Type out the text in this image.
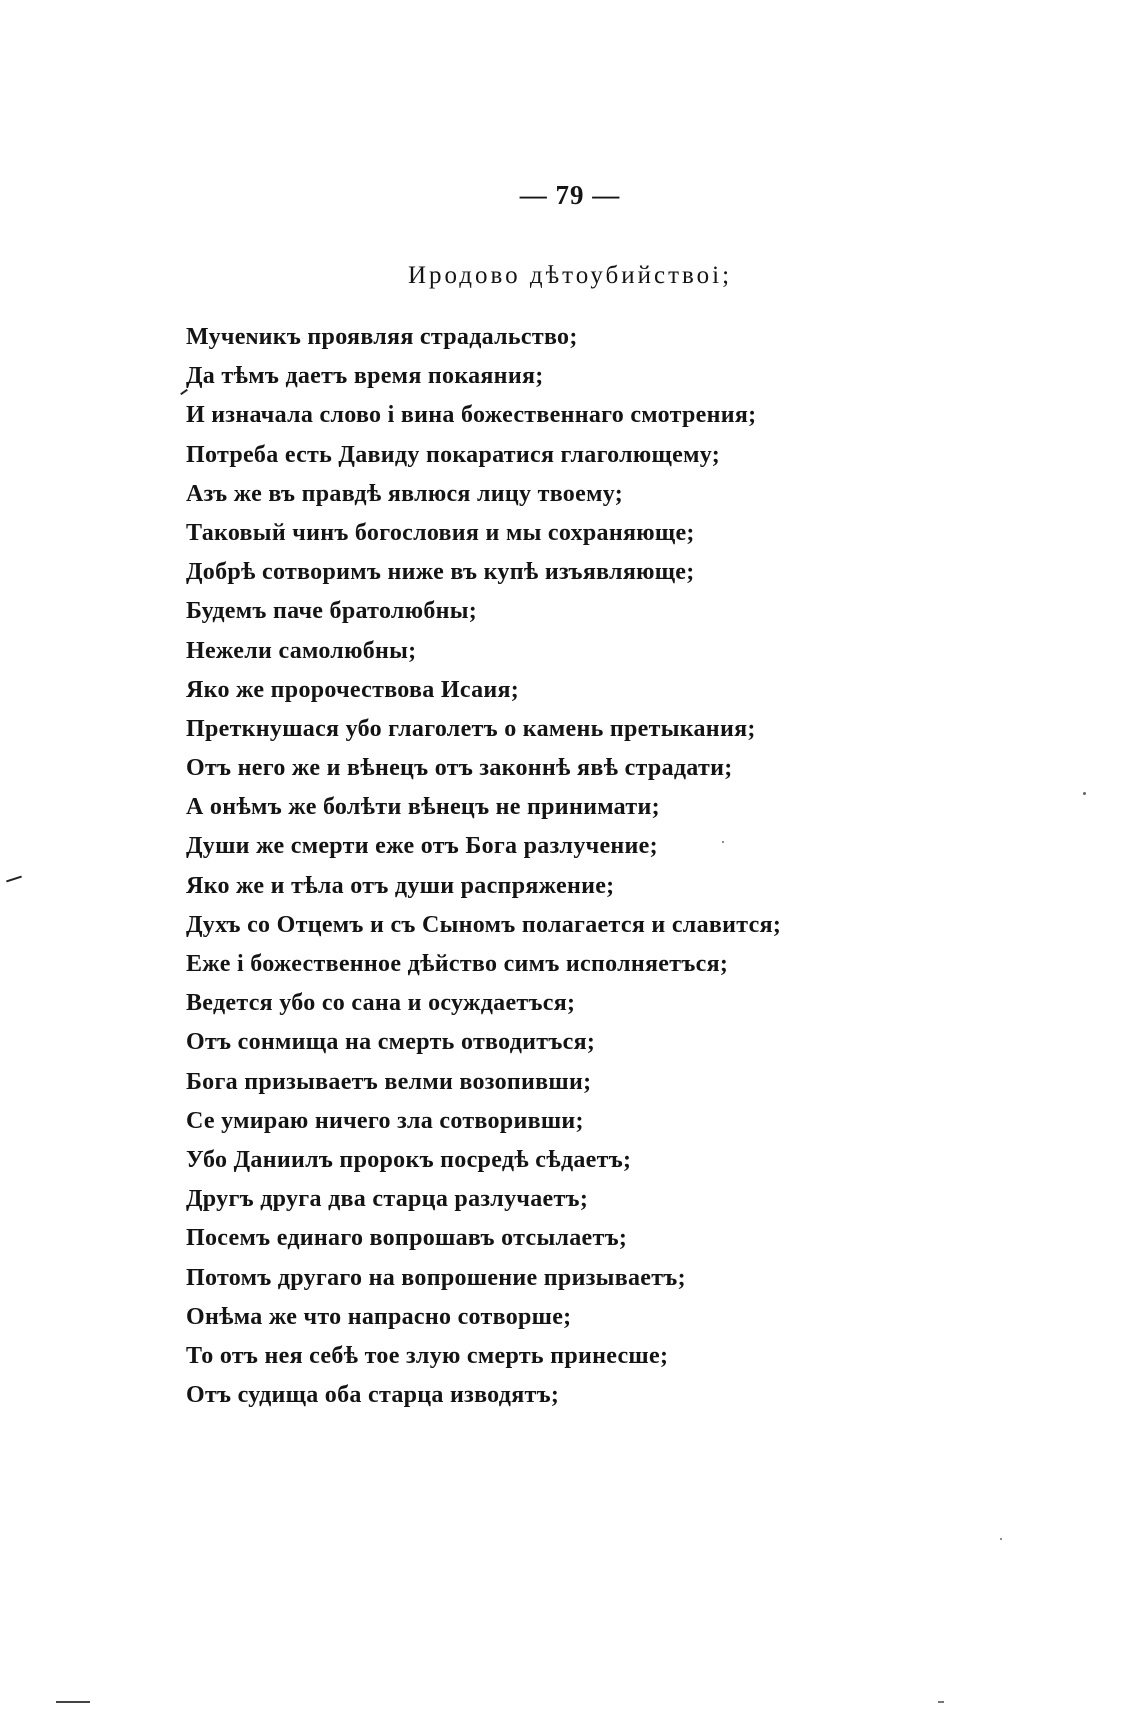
— 79 —
Иродово дѣтоубийствоі;
Мучеɴикъ проявляя страдальство;
Да тѣмъ даетъ время покаяния;
И изначала слово і вина божественнаго смотрения;
Потреба есть Давиду покаратися глаголющему;
Азъ же въ правдѣ явлюся лицу твоему;
Таковый чинъ богословия и мы сохраняюще;
Добрѣ сотворимъ ниже въ купѣ изъявляюще;
Будемъ паче братолюбны;
Нежели самолюбны;
Яко же пророчествова Исаия;
Преткнушася убо глаголетъ о камень претыкания;
Отъ него же и вѣнецъ отъ законнѣ явѣ страдати;
А онѣмъ же болѣти вѣнецъ не принимати;
Души же смерти еже отъ Бога разлучение;
Яко же и тѣла отъ души распряжение;
Духъ со Отцемъ и съ Сыномъ полагается и славится;
Еже і божественное дѣйство симъ исполняетъся;
Ведется убо со сана и осуждаетъся;
Отъ сонмища на смерть отводитъся;
Бога призываетъ велми возопивши;
Се умираю ничего зла сотворивши;
Убо Даниилъ пророкъ посредѣ сѣдаетъ;
Другъ друга два старца разлучаетъ;
Посемъ единаго вопрошавъ отсылаетъ;
Потомъ другаго на вопрошение призываетъ;
Онѣма же что напрасно сотворше;
То отъ нея себѣ тое злую смерть принесше;
Отъ судища оба старца изводятъ;
